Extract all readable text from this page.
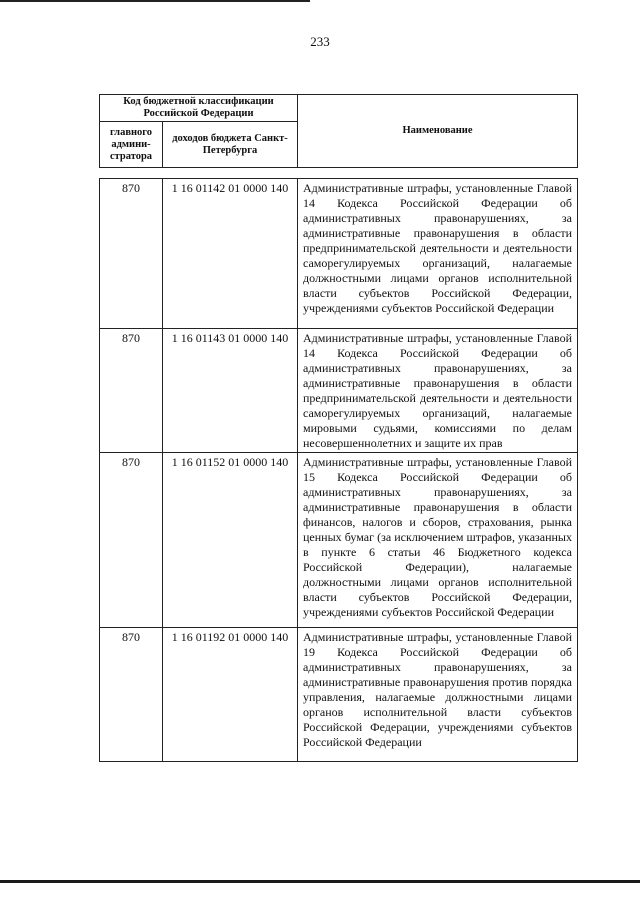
233
Код бюджетной классификации Российской Федерации		Наименование
главного админи-стратора	доходов бюджета Санкт-Петербурга	
870	1 16 01142 01 0000 140	Административные штрафы, установленные Главой 14 Кодекса Российской Федерации об административных правонарушениях, за административные правонарушения в области предпринимательской деятельности и деятельности саморегулируемых организаций, налагаемые должностными лицами органов исполнительной власти субъектов Российской Федерации, учреждениями субъектов Российской Федерации
870	1 16 01143 01 0000 140	Административные штрафы, установленные Главой 14 Кодекса Российской Федерации об административных правонарушениях, за административные правонарушения в области предпринимательской деятельности и деятельности саморегулируемых организаций, налагаемые мировыми судьями, комиссиями по делам несовершеннолетних и защите их прав
870	1 16 01152 01 0000 140	Административные штрафы, установленные Главой 15 Кодекса Российской Федерации об административных правонарушениях, за административные правонарушения в области финансов, налогов и сборов, страхования, рынка ценных бумаг (за исключением штрафов, указанных в пункте 6 статьи 46 Бюджетного кодекса Российской Федерации), налагаемые должностными лицами органов исполнительной власти субъектов Российской Федерации, учреждениями субъектов Российской Федерации
870	1 16 01192 01 0000 140	Административные штрафы, установленные Главой 19 Кодекса Российской Федерации об административных правонарушениях, за административные правонарушения против порядка управления, налагаемые должностными лицами органов исполнительной власти субъектов Российской Федерации, учреждениями субъектов Российской Федерации
